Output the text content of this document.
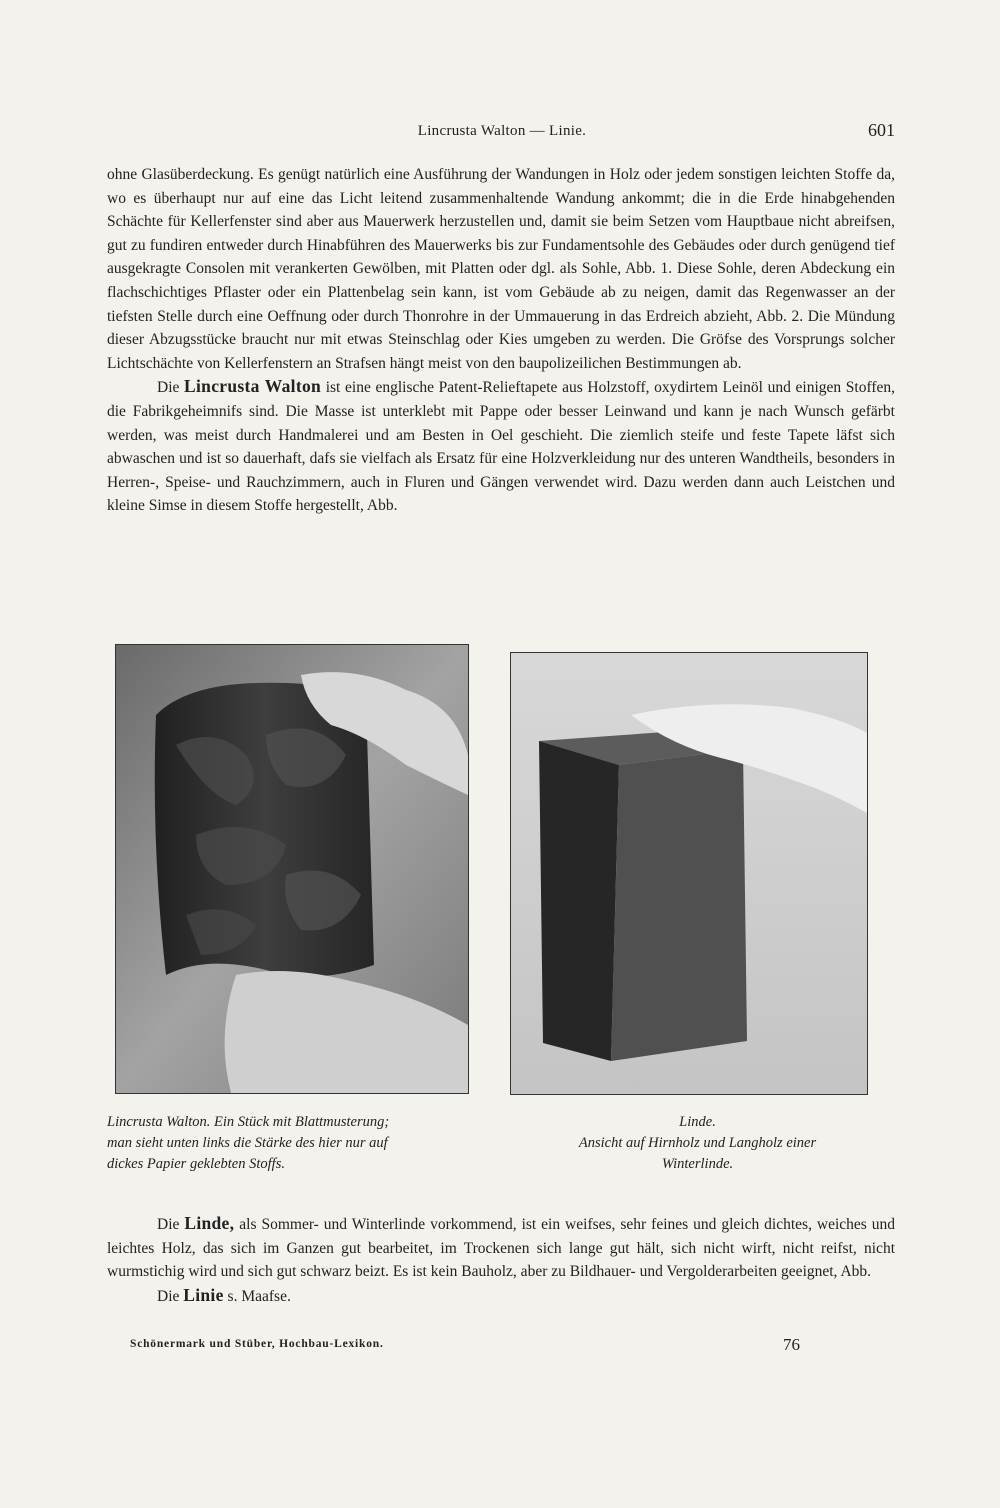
Lincrusta Walton — Linie.	601

ohne Glasüberdeckung. Es genügt natürlich eine Ausführung der Wandungen in Holz oder jedem sonstigen leichten Stoffe da, wo es überhaupt nur auf eine das Licht leitend zusammenhaltende Wandung ankommt; die in die Erde hinabgehenden Schächte für Kellerfenster sind aber aus Mauerwerk herzustellen und, damit sie beim Setzen vom Hauptbaue nicht abreifsen, gut zu fundiren entweder durch Hinabführen des Mauerwerks bis zur Fundamentsohle des Gebäudes oder durch genügend tief ausgekragte Consolen mit verankerten Gewölben, mit Platten oder dgl. als Sohle, Abb. 1. Diese Sohle, deren Abdeckung ein flachschichtiges Pflaster oder ein Plattenbelag sein kann, ist vom Gebäude ab zu neigen, damit das Regenwasser an der tiefsten Stelle durch eine Oeffnung oder durch Thonrohre in der Ummauerung in das Erdreich abzieht, Abb. 2. Die Mündung dieser Abzugsstücke braucht nur mit etwas Steinschlag oder Kies umgeben zu werden. Die Gröfse des Vorsprungs solcher Lichtschächte von Kellerfenstern an Strafsen hängt meist von den baupolizeilichen Bestimmungen ab.

Die Lincrusta Walton ist eine englische Patent-Relieftapete aus Holzstoff, oxydirtem Leinöl und einigen Stoffen, die Fabrikgeheimnifs sind. Die Masse ist unterklebt mit Pappe oder besser Leinwand und kann je nach Wunsch gefärbt werden, was meist durch Handmalerei und am Besten in Oel geschieht. Die ziemlich steife und feste Tapete läfst sich abwaschen und ist so dauerhaft, dafs sie vielfach als Ersatz für eine Holzverkleidung nur des unteren Wandtheils, besonders in Herren-, Speise- und Rauchzimmern, auch in Fluren und Gängen verwendet wird. Dazu werden dann auch Leistchen und kleine Simse in diesem Stoffe hergestellt, Abb.

Lincrusta Walton. Ein Stück mit Blattmusterung;
man sieht unten links die Stärke des hier nur auf
dickes Papier geklebten Stoffs.
Linde.
Ansicht auf Hirnholz und Langholz einer
Winterlinde.

Die Linde, als Sommer- und Winterlinde vorkommend, ist ein weifses, sehr feines und gleich dichtes, weiches und leichtes Holz, das sich im Ganzen gut bearbeitet, im Trockenen sich lange gut hält, sich nicht wirft, nicht reifst, nicht wurmstichig wird und sich gut schwarz beizt. Es ist kein Bauholz, aber zu Bildhauer- und Vergolderarbeiten geeignet, Abb.

Die Linie s. Maafse.

Schönermark und Stüber, Hochbau-Lexikon.	76
